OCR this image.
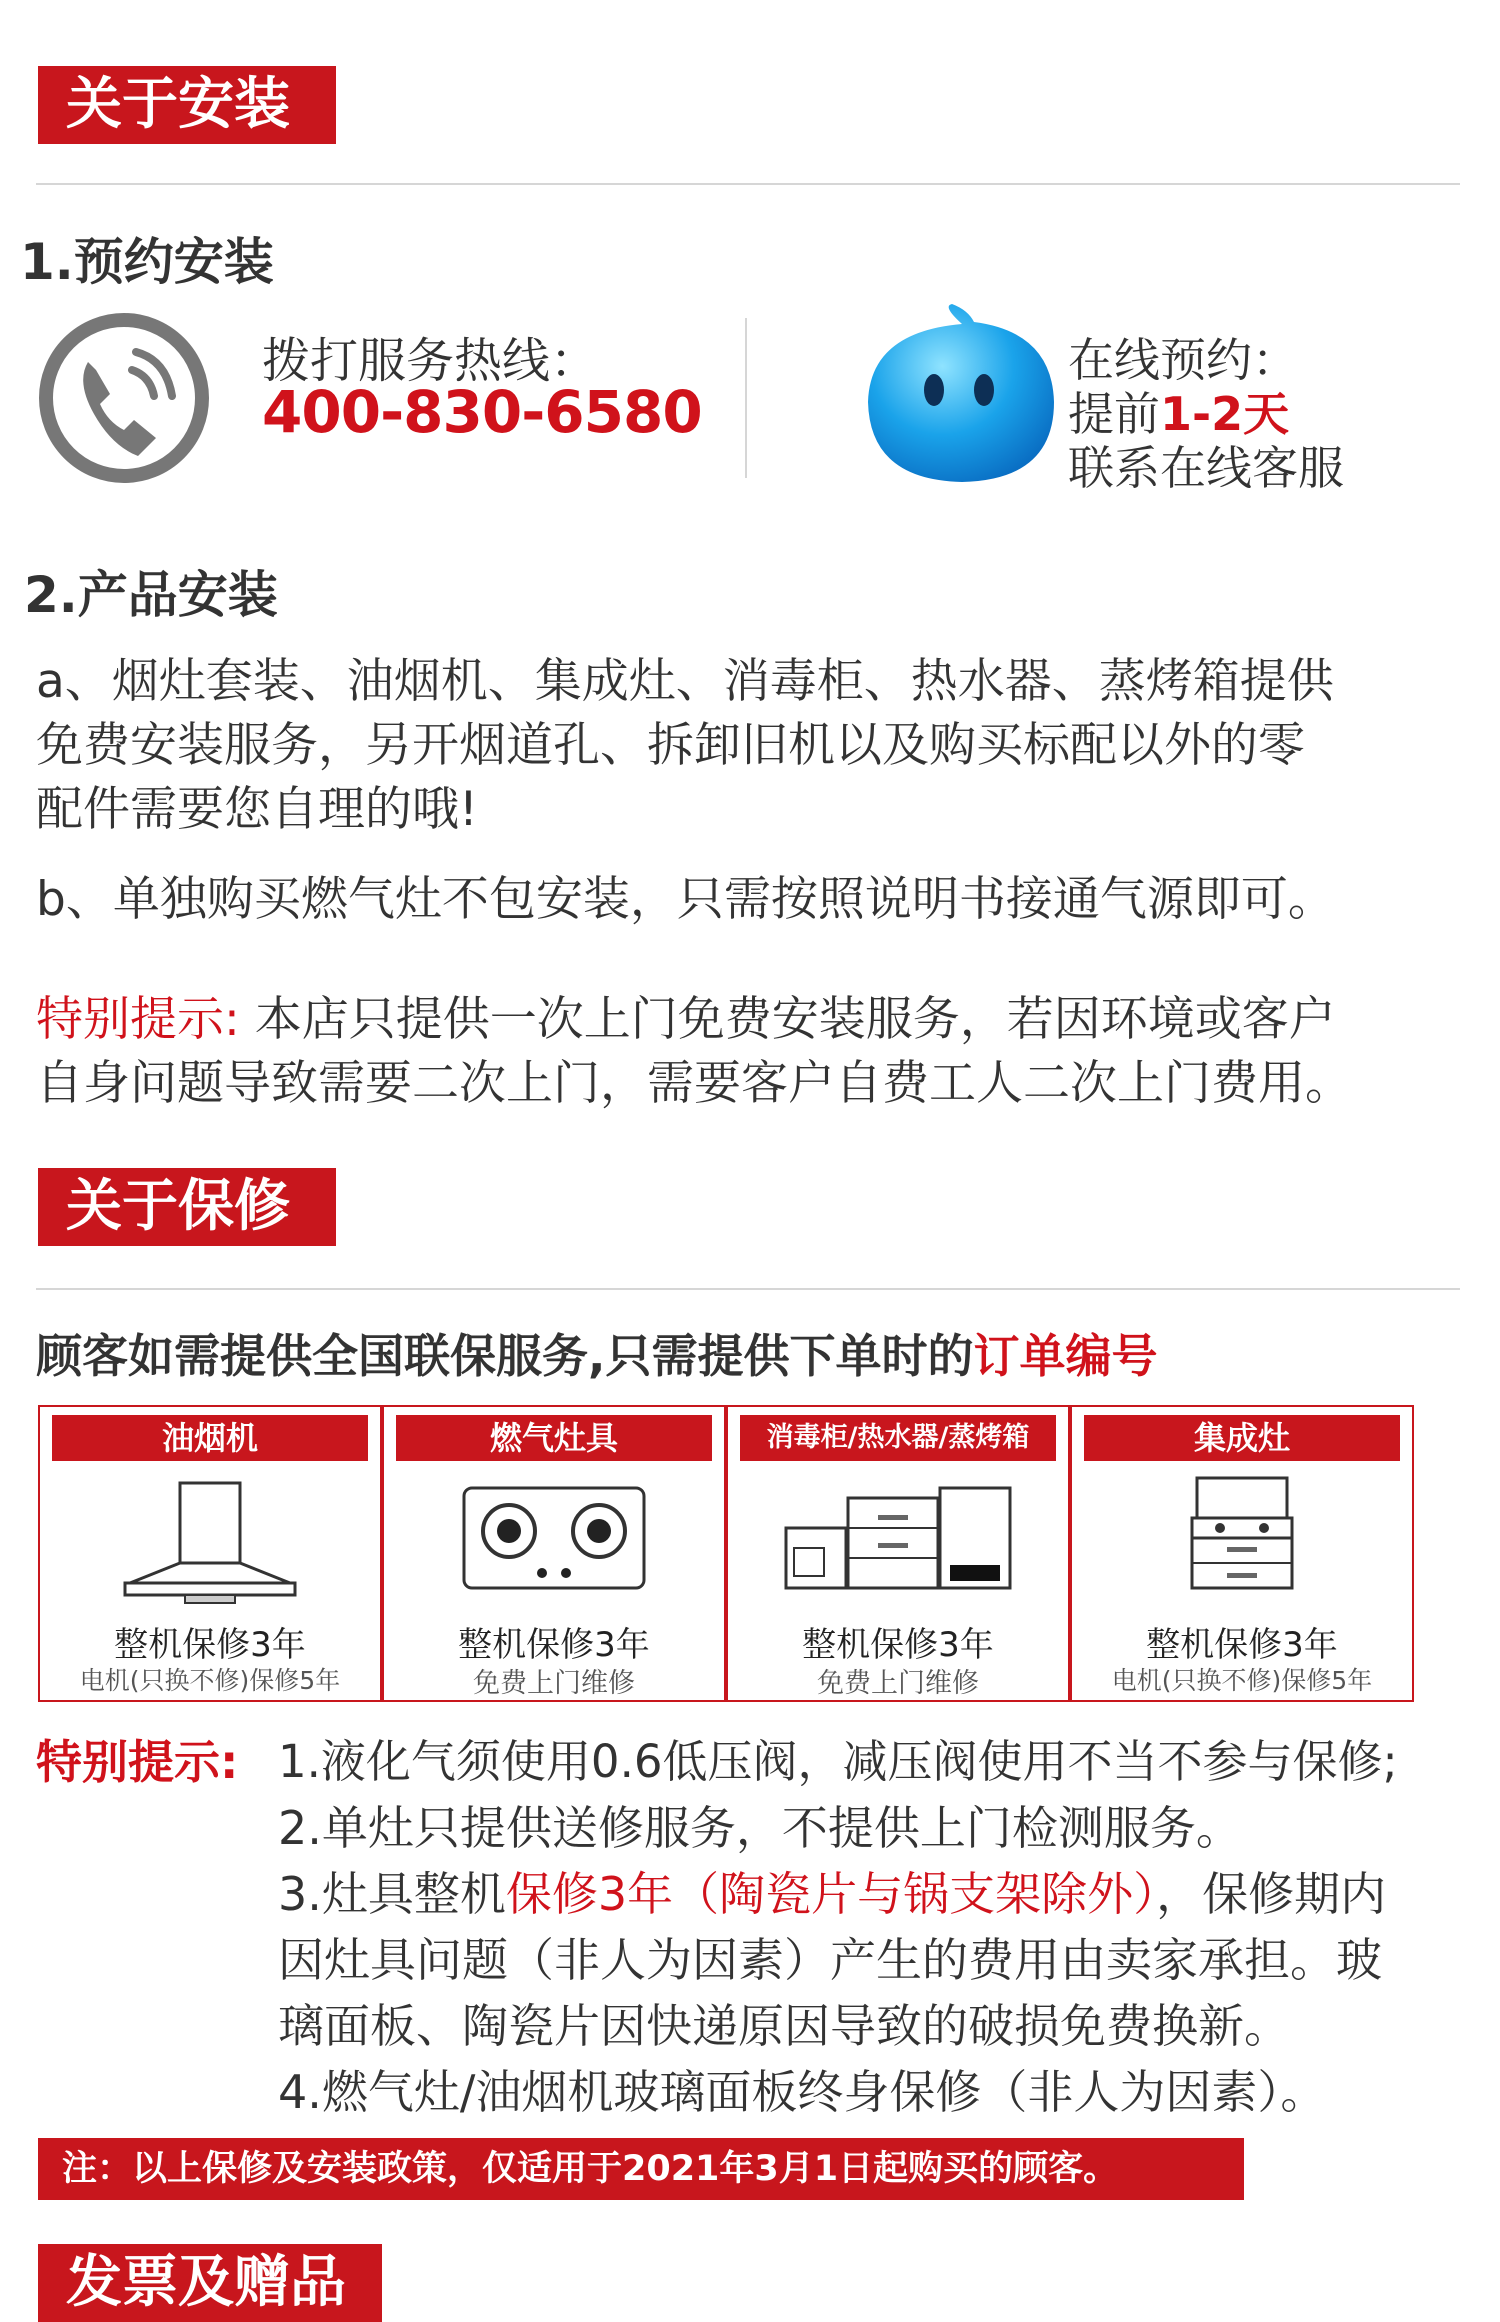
关于安装
1.预约安装
拨打服务热线：
400-830-6580
在线预约：
提前1-2天
联系在线客服
2.产品安装
a、烟灶套装、油烟机、集成灶、消毒柜、热水器、蒸烤箱提供
免费安装服务，另开烟道孔、拆卸旧机以及购买标配以外的零
配件需要您自理的哦!
b、单独购买燃气灶不包安装，只需按照说明书接通气源即可。
特别提示: 本店只提供一次上门免费安装服务，若因环境或客户
自身问题导致需要二次上门，需要客户自费工人二次上门费用。
关于保修
顾客如需提供全国联保服务,只需提供下单时的订单编号
油烟机
整机保修3年
电机(只换不修)保修5年
燃气灶具
整机保修3年
免费上门维修
消毒柜/热水器/蒸烤箱
整机保修3年
免费上门维修
集成灶
整机保修3年
电机(只换不修)保修5年
特别提示: 1.液化气须使用0.6低压阀，减压阀使用不当不参与保修;
2.单灶只提供送修服务，不提供上门检测服务。
3.灶具整机保修3年（陶瓷片与锅支架除外），保修期内
因灶具问题（非人为因素）产生的费用由卖家承担。玻
璃面板、陶瓷片因快递原因导致的破损免费换新。
4.燃气灶/油烟机玻璃面板终身保修（非人为因素）。
注：以上保修及安装政策，仅适用于2021年3月1日起购买的顾客。
发票及赠品
